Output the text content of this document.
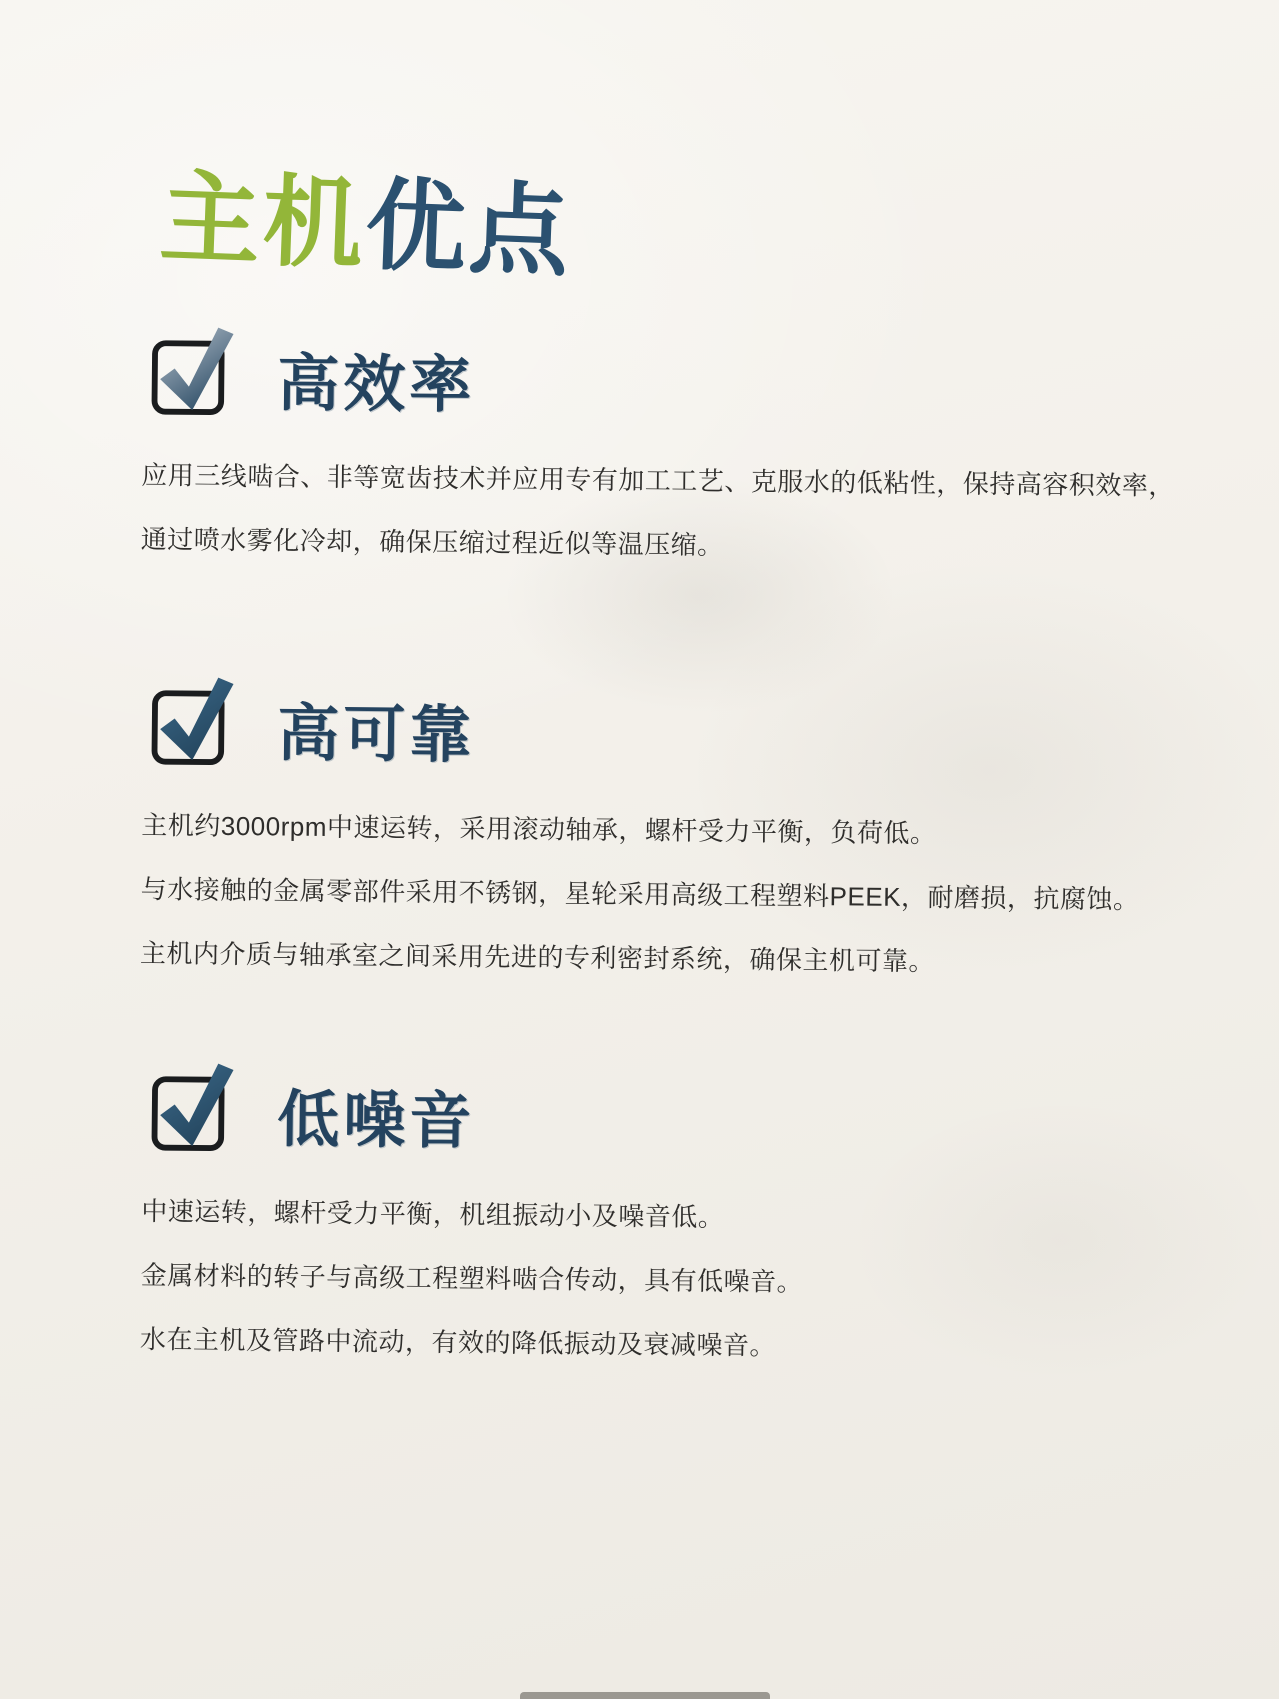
主机优点
高效率

应用三线啮合、非等宽齿技术并应用专有加工工艺、克服水的低粘性，保持高容积效率，

通过喷水雾化冷却，确保压缩过程近似等温压缩。

高可靠

主机约3000rpm中速运转，采用滚动轴承，螺杆受力平衡，负荷低。

与水接触的金属零部件采用不锈钢，星轮采用高级工程塑料PEEK，耐磨损，抗腐蚀。

主机内介质与轴承室之间采用先进的专利密封系统，确保主机可靠。

低噪音

中速运转，螺杆受力平衡，机组振动小及噪音低。

金属材料的转子与高级工程塑料啮合传动，具有低噪音。

水在主机及管路中流动，有效的降低振动及衰减噪音。
